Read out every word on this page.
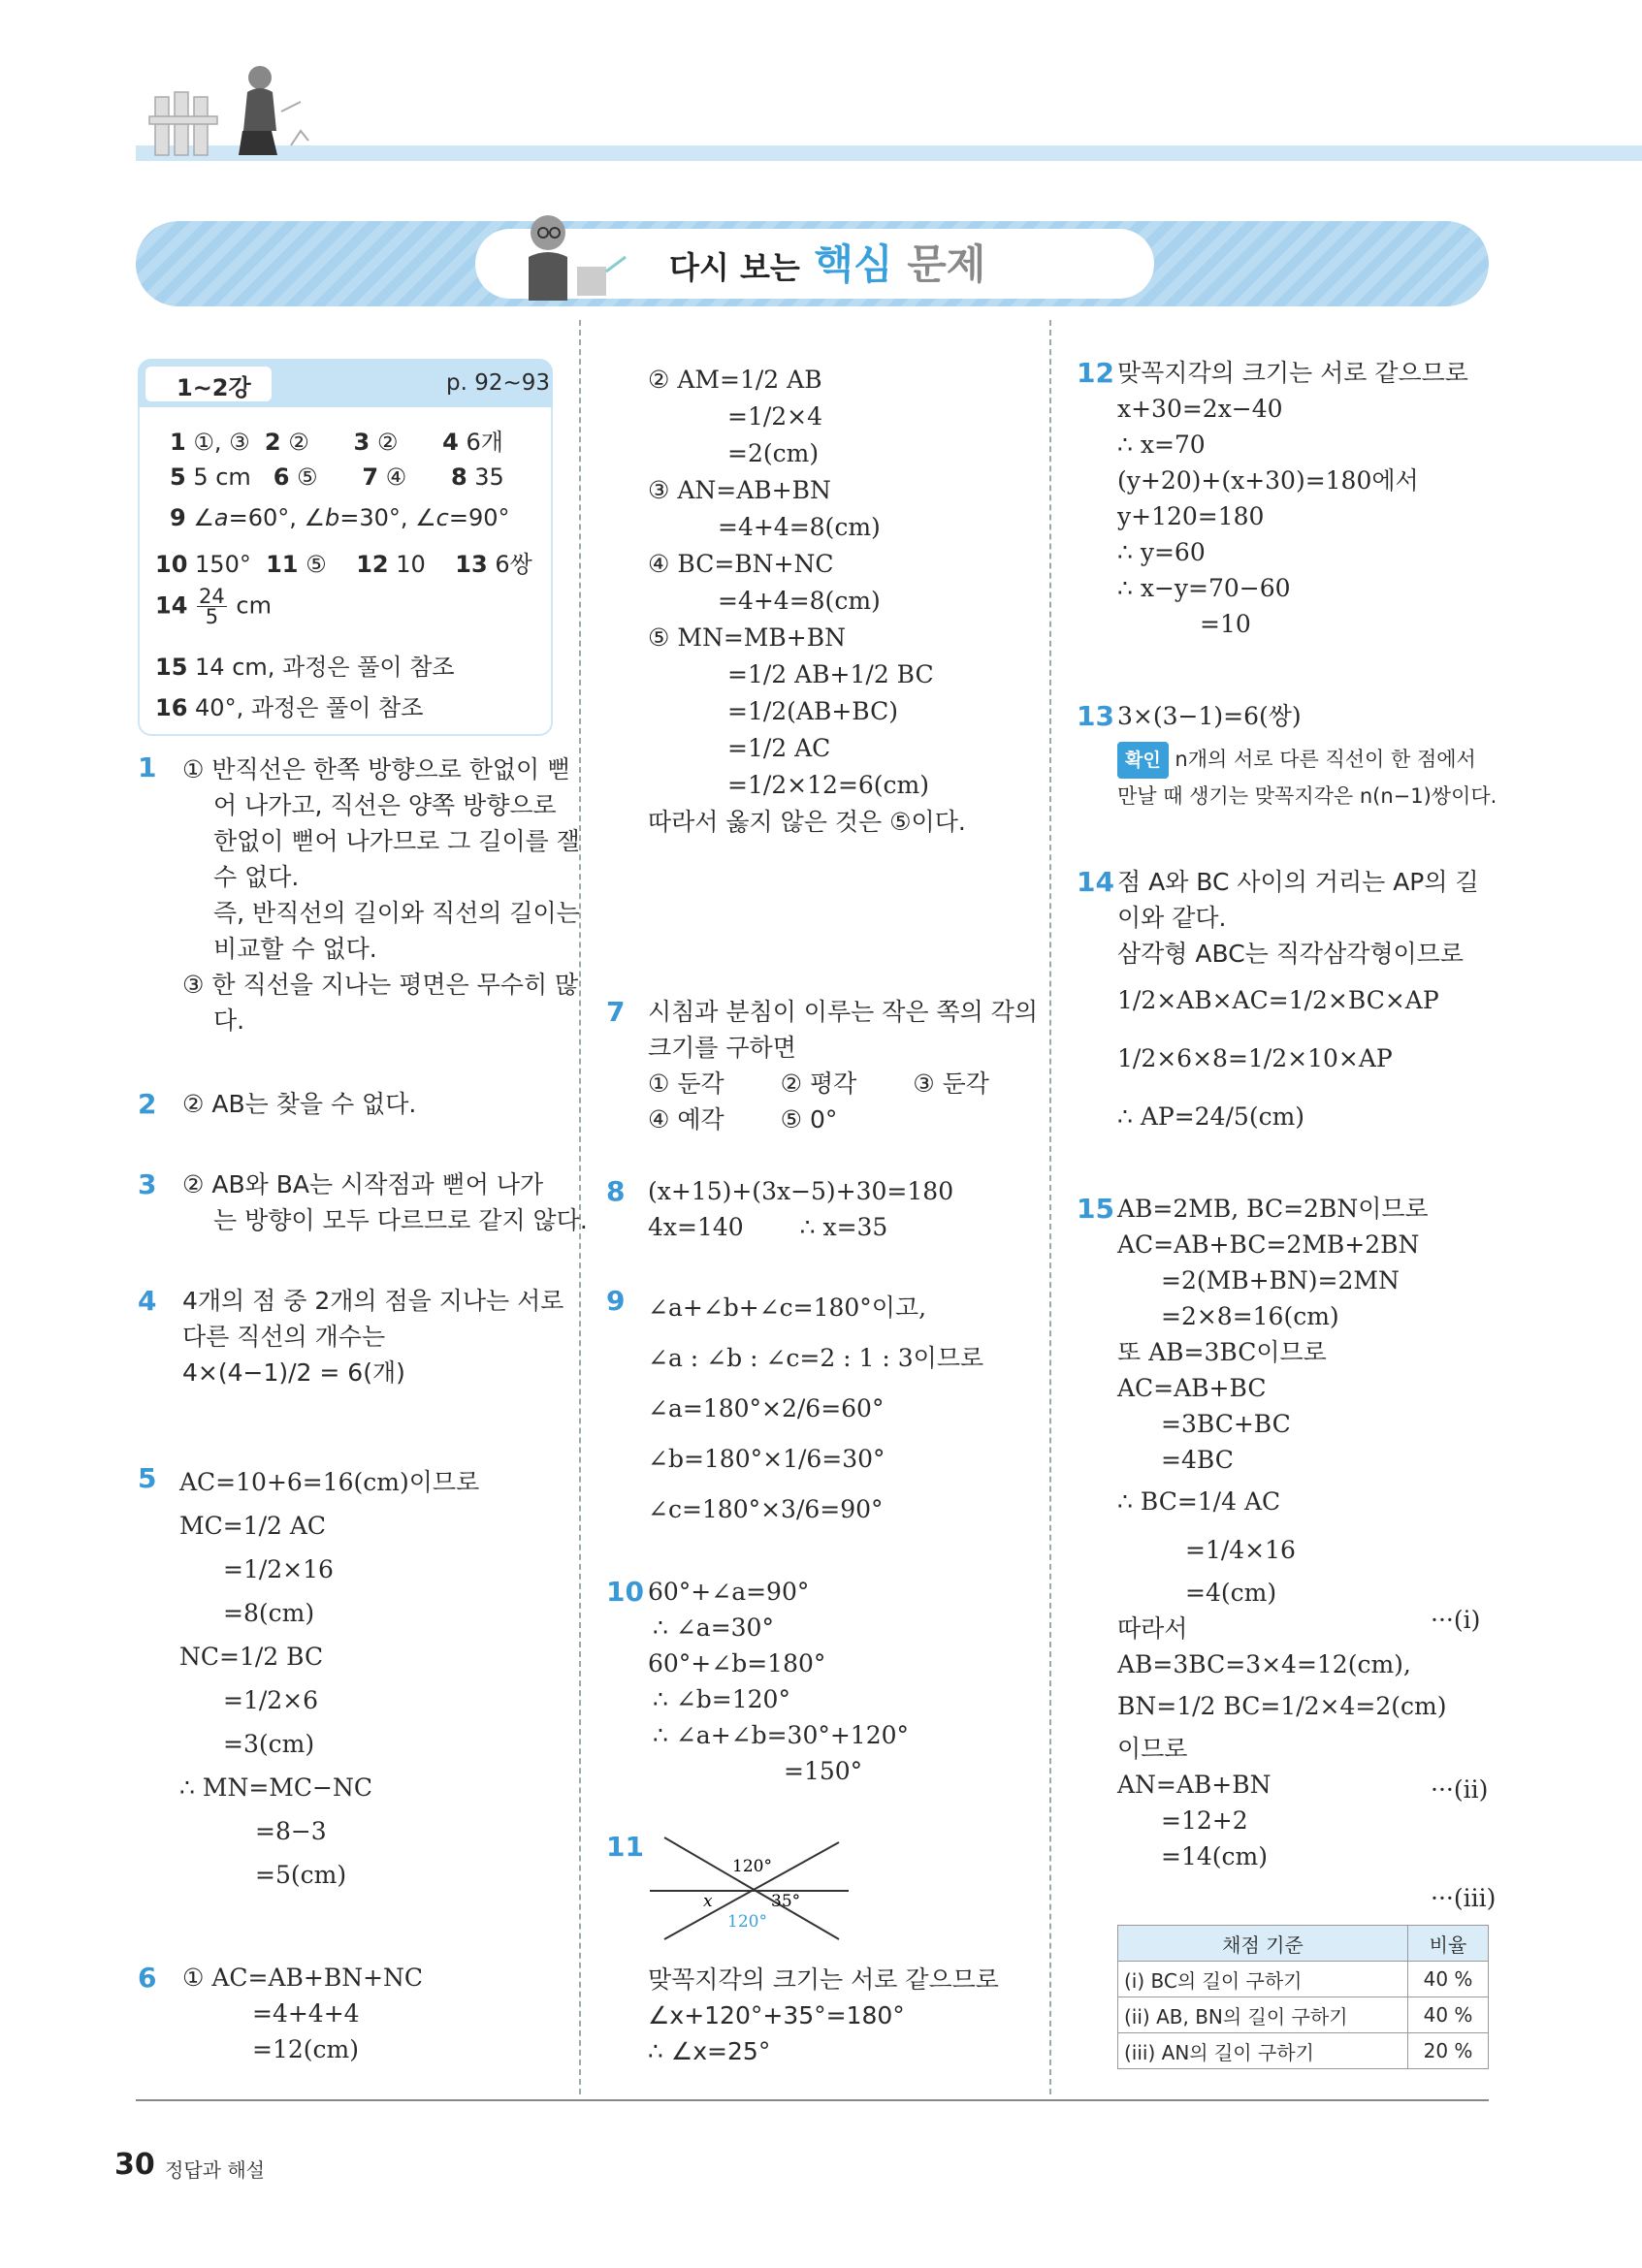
다시 보는 핵심 문제
1~2강	p. 92~93
1 ①, ③  2 ②      3 ②      4 6개
5 5 cm   6 ⑤      7 ④      8 35
9 ∠a=60°, ∠b=30°, ∠c=90°
10 150°  11 ⑤    12 10    13 6쌍
$14 \frac{24}{5}$ cm
15 14 cm, 과정은 풀이 참조
16 40°, 과정은 풀이 참조
1 ① 반직선은 한쪽 방향으로 한없이 뻗
어 나가고, 직선은 양쪽 방향으로
한없이 뻗어 나가므로 그 길이를 잴
수 없다.
즉, 반직선의 길이와 직선의 길이는
비교할 수 없다.
③ 한 직선을 지나는 평면은 무수히 많
다.
2 ② AB는 찾을 수 없다.
3 ② AB와 BA는 시작점과 뻗어 나가
는 방향이 모두 다르므로 같지 않다.
4 4개의 점 중 2개의 점을 지나는 서로
다른 직선의 개수는
4×(4−1)/2 = 6(개)
5 AC=10+6=16(cm)이므로
MC=1/2 AC
=1/2×16
=8(cm)
NC=1/2 BC
=1/2×6
=3(cm)
∴ MN=MC−NC
=8−3
=5(cm)
6 ① AC=AB+BN+NC
=4+4+4
=12(cm)
② AM=1/2 AB
=1/2×4
=2(cm)
③ AN=AB+BN
=4+4=8(cm)
④ BC=BN+NC
=4+4=8(cm)
⑤ MN=MB+BN
=1/2 AB+1/2 BC
=1/2(AB+BC)
=1/2 AC
=1/2×12=6(cm)
따라서 옳지 않은 것은 ⑤이다.
7 시침과 분침이 이루는 작은 쪽의 각의
크기를 구하면
① 둔각 ② 평각 ③ 둔각
④ 예각 ⑤ 0°
8 (x+15)+(3x−5)+30=180
4x=140 ∴ x=35
9 ∠a+∠b+∠c=180°이고,
∠a : ∠b : ∠c=2 : 1 : 3이므로
∠a=180°×2/6=60°
∠b=180°×1/6=30°
∠c=180°×3/6=90°
10 60°+∠a=90°
∴ ∠a=30°
60°+∠b=180°
∴ ∠b=120°
∴ ∠a+∠b=30°+120°
=150°
11
120°
x	35°
120°
맞꼭지각의 크기는 서로 같으므로
∠x+120°+35°=180°
∴ ∠x=25°
12 맞꼭지각의 크기는 서로 같으므로
x+30=2x−40
∴ x=70
(y+20)+(x+30)=180에서
y+120=180
∴ y=60
∴ x−y=70−60
=10
13 3×(3−1)=6(쌍)
확인 n개의 서로 다른 직선이 한 점에서
만날 때 생기는 맞꼭지각은 n(n−1)쌍이다.
14 점 A와 BC 사이의 거리는 AP의 길
이와 같다.
삼각형 ABC는 직각삼각형이므로
1/2×AB×AC=1/2×BC×AP
1/2×6×8=1/2×10×AP
∴ AP=24/5(cm)
15 AB=2MB, BC=2BN이므로
AC=AB+BC=2MB+2BN
=2(MB+BN)=2MN
=2×8=16(cm)
또 AB=3BC이므로
AC=AB+BC
=3BC+BC
=4BC
∴ BC=1/4 AC
=1/4×16
=4(cm)
따라서
AB=3BC=3×4=12(cm),
BN=1/2 BC=1/2×4=2(cm)
이므로
AN=AB+BN
=12+2
=14(cm)
···(i)
···(ii)
···(iii)
채점 기준	비율
(i) BC의 길이 구하기	40 %
(ii) AB, BN의 길이 구하기	40 %
(iii) AN의 길이 구하기	20 %
30 정답과 해설
